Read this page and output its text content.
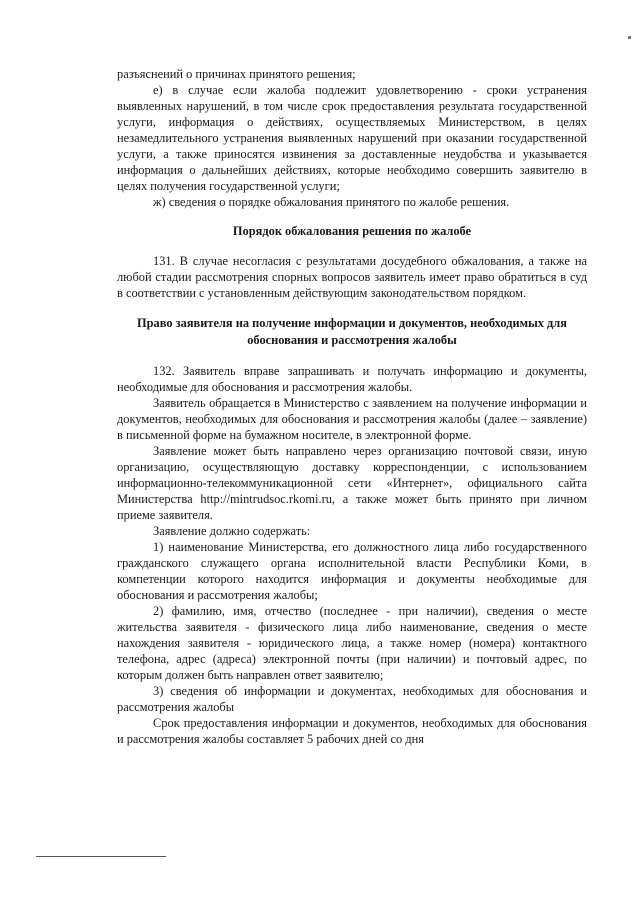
разъяснений о причинах принятого решения;

е) в случае если жалоба подлежит удовлетворению - сроки устранения выявленных нарушений, в том числе срок предоставления результата государственной услуги, информация о действиях, осуществляемых Министерством, в целях незамедлительного устранения выявленных нарушений при оказании государственной услуги, а также приносятся извинения за доставленные неудобства и указывается информация о дальнейших действиях, которые необходимо совершить заявителю в целях получения государственной услуги;

ж) сведения о порядке обжалования принятого по жалобе решения.

Порядок обжалования решения по жалобе

131. В случае несогласия с результатами досудебного обжалования, а также на любой стадии рассмотрения спорных вопросов заявитель имеет право обратиться в суд в соответствии с установленным действующим законодательством порядком.

Право заявителя на получение информации и документов, необходимых для обоснования и рассмотрения жалобы

132. Заявитель вправе запрашивать и получать информацию и документы, необходимые для обоснования и рассмотрения жалобы.

Заявитель обращается в Министерство с заявлением на получение информации и документов, необходимых для обоснования и рассмотрения жалобы (далее – заявление) в письменной форме на бумажном носителе, в электронной форме.

Заявление может быть направлено через организацию почтовой связи, иную организацию, осуществляющую доставку корреспонденции, с использованием информационно-телекоммуникационной сети «Интернет», официального сайта Министерства http://mintrudsoc.rkomi.ru, а также может быть принято при личном приеме заявителя.

Заявление должно содержать:

1) наименование Министерства, его должностного лица либо государственного гражданского служащего органа исполнительной власти Республики Коми, в компетенции которого находится информация и документы необходимые для обоснования и рассмотрения жалобы;

2) фамилию, имя, отчество (последнее - при наличии), сведения о месте жительства заявителя - физического лица либо наименование, сведения о месте нахождения заявителя - юридического лица, а также номер (номера) контактного телефона, адрес (адреса) электронной почты (при наличии) и почтовый адрес, по которым должен быть направлен ответ заявителю;

3) сведения об информации и документах, необходимых для обоснования и рассмотрения жалобы

Срок предоставления информации и документов, необходимых для обоснования и рассмотрения жалобы составляет 5 рабочих дней со дня
